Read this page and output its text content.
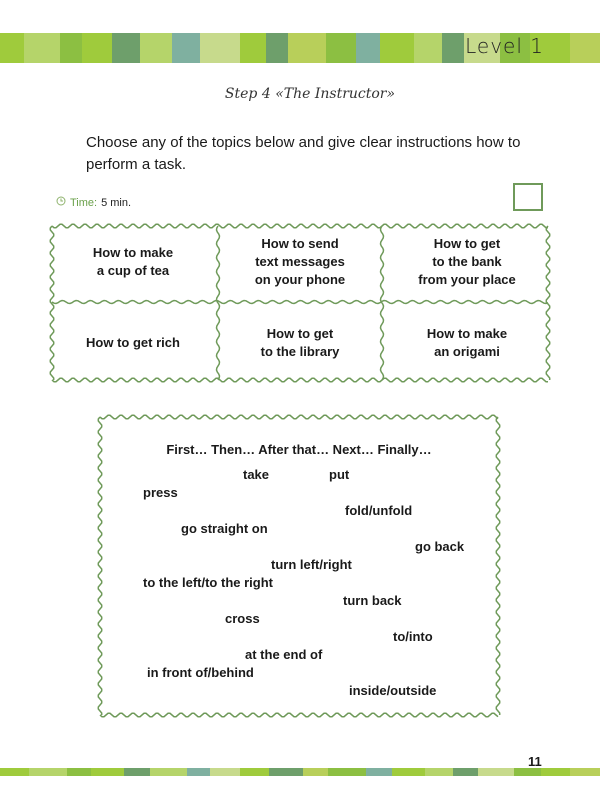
Level 1
Step 4 «The Instructor»

Choose any of the topics below and give clear instructions how to perform a task.

Time: 5 min.
How to make
a cup of tea
How to send
text messages
on your phone
How to get
to the bank
from your place
How to get rich
How to get
to the library
How to make
an origami
First… Then… After that… Next… Finally…
take	put
press
fold/unfold
go straight on
go back
turn left/right
to the left/to the right
turn back
cross
to/into
at the end of
in front of/behind
inside/outside
11
